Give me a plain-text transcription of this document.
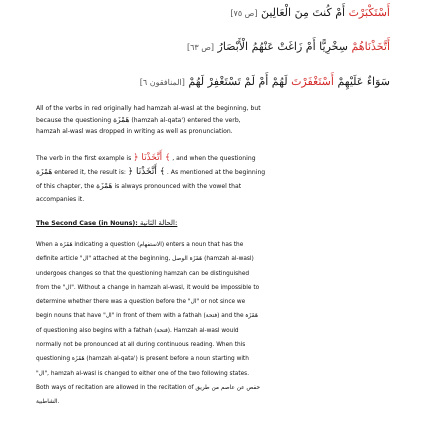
أَسْتَكْبَرْتَ أَمْ كُنتَ مِنَ الْعَالِينَ [ص ٧٥]
أَتَّخَذْنَاهُمْ سِخْرِيًّا أَمْ زَاغَتْ عَنْهُمُ الْأَبْصَارُ [ص ٦٣]
سَوَاءٌ عَلَيْهِمْ أَسْتَغْفَرْتَ لَهُمْ أَمْ لَمْ تَسْتَغْفِرْ لَهُمْ [المنافقون ٦]
All of the verbs in red originally had hamzah al-wasl at the beginning, but
because the questioning هَمْزَة (hamzah al-qata') entered the verb,
hamzah al-wasl was dropped in writing as well as pronunciation.
The verb in the first example is ﴿ أَتَّخَذْنَا ﴾ , and when the questioning
هَمْزَة entered it, the result is: ﴿ أَتَّخَذْنَا ﴾ . As mentioned at the beginning
of this chapter, the هَمْزَة is always pronounced with the vowel that
accompanies it.
The Second Case (in Nouns): الحالة الثانية:
When a هَمْزَة indicating a question (الاستفهام) enters a noun that has the
definite article "ال" attached at the beginning, هَمْزَة الوصل (hamzah al-wasl)
undergoes changes so that the questioning hamzah can be distinguished
from the "ال". Without a change in hamzah al-wasl, it would be impossible to
determine whether there was a question before the "ال" or not since we
begin nouns that have "ال" in front of them with a fathah (فتحة) and the هَمْزَة
of questioning also begins with a fathah (فتحة). Hamzah al-wasl would
normally not be pronounced at all during continuous reading. When this
questioning هَمْزَة (hamzah al-qata') is present before a noun starting with
"ال", hamzah al-wasl is changed to either one of the two following states.
Both ways of recitation are allowed in the recitation of حفص عن عاصم من طريق
الشاطبية.
